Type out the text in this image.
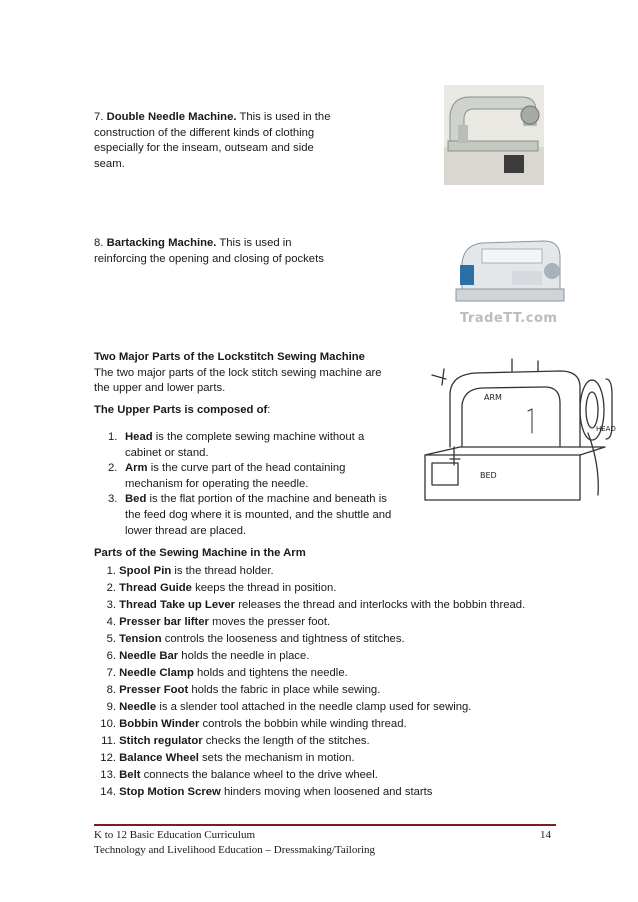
7. Double Needle Machine. This is used in the
construction of the different kinds of clothing
especially for the inseam, outseam and side
seam.
8. Bartacking Machine. This is used in
reinforcing the opening and closing of pockets
TradeTT.com
Two Major Parts of the Lockstitch Sewing Machine
The two major parts of the lock stitch sewing machine are
the upper and lower parts.
The Upper Parts is composed of:
1. Head is the complete sewing machine without a
cabinet or stand.
2. Arm is the curve part of the head containing
mechanism for operating the needle.
3. Bed is the flat portion of the machine and beneath is
the feed dog where it is mounted, and the shuttle and
lower thread are placed.
ARM
BED
HEAD
Parts of the Sewing Machine in the Arm
1. Spool Pin is the thread holder.
2. Thread Guide keeps the thread in position.
3. Thread Take up Lever releases the thread and interlocks with the bobbin thread.
4. Presser bar lifter moves the presser foot.
5. Tension controls the looseness and tightness of stitches.
6. Needle Bar holds the needle in place.
7. Needle Clamp holds and tightens the needle.
8. Presser Foot holds the fabric in place while sewing.
9. Needle is a slender tool attached in the needle clamp used for sewing.
10. Bobbin Winder controls the bobbin while winding thread.
11. Stitch regulator checks the length of the stitches.
12. Balance Wheel sets the mechanism in motion.
13. Belt connects the balance wheel to the drive wheel.
14. Stop Motion Screw hinders moving when loosened and starts
K to 12 Basic Education Curriculum	14
Technology and Livelihood Education – Dressmaking/Tailoring
